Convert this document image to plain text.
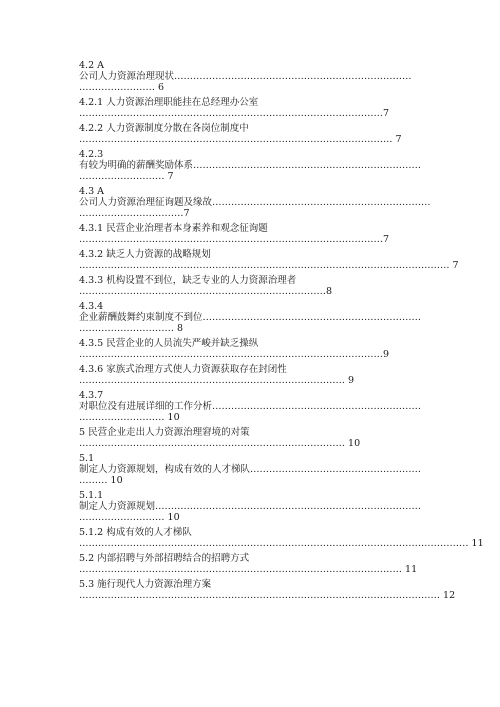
4.2 A
公司人力资源治理现状…………………………………………………………………
…………………… 6
4.2.1 人力资源治理职能挂在总经理办公室
……………………………………………………………………………………7
4.2.2 人力资源制度分散在各岗位制度中
……………………………………………………………………………………… 7
4.2.3
有较为明确的薪酬奖励体系………………………………………………………………
……………………… 7
4.3 A
公司人力资源治理征询题及缘故……………………………………………………………
……………………………7
4.3.1 民营企业治理者本身素养和观念征询题
……………………………………………………………………………………7
4.3.2 缺乏人力资源的战略规划
……………………………………………………………………………………………………… 7
4.3.3 机构设置不到位，缺乏专业的人力资源治理者
……………………………………………………………………8
4.3.4
企业薪酬鼓舞约束制度不到位……………………………………………………………
………………………… 8
4.3.5 民营企业的人员流失严峻并缺乏操纵
……………………………………………………………………………………9
4.3.6 家族式治理方式使人力资源获取存在封闭性
………………………………………………………………………… 9
4.3.7
对职位没有进展详细的工作分析…………………………………………………………
……………………… 10
5 民营企业走出人力资源治理窘境的对策
………………………………………………………………………… 10
5.1
制定人力资源规划，构成有效的人才梯队………………………………………………
……… 10
5.1.1
制定人力资源规划…………………………………………………………………………
……………………… 10
5.1.2 构成有效的人才梯队
…………………………………………………………………………………………………………… 11
5.2 内部招聘与外部招聘结合的招聘方式
………………………………………………………………………………………… 11
5.3 施行现代人力资源治理方案
…………………………………………………………………………………………………… 12
